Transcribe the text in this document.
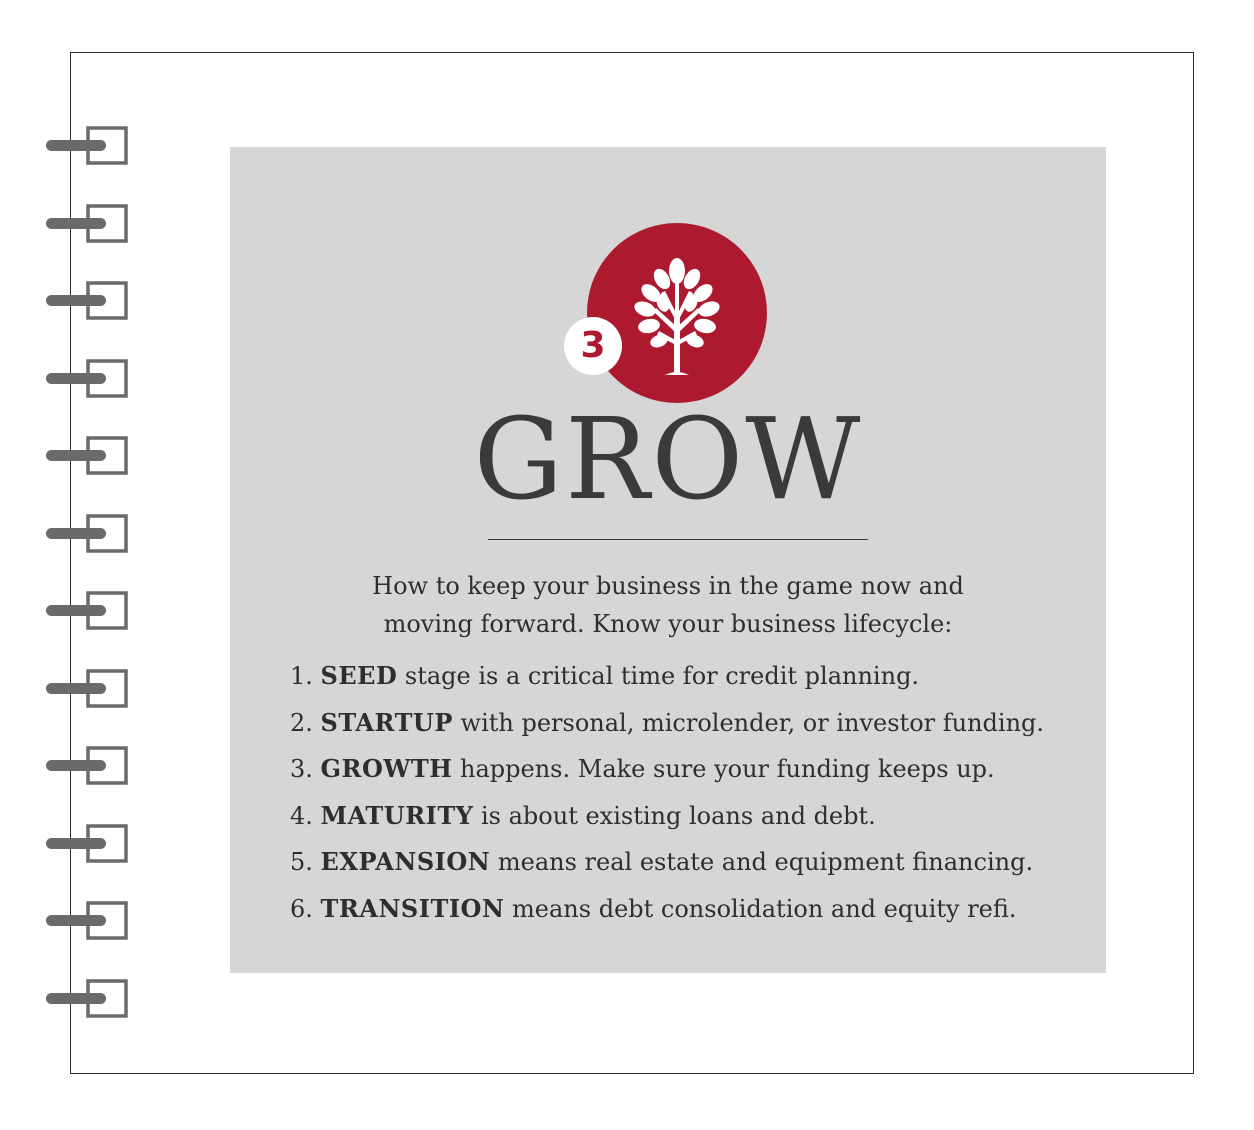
3
GROW
How to keep your business in the game now and moving forward. Know your business lifecycle:
1. SEED stage is a critical time for credit planning.
2. STARTUP with personal, microlender, or investor funding.
3. GROWTH happens. Make sure your funding keeps up.
4. MATURITY is about existing loans and debt.
5. EXPANSION means real estate and equipment financing.
6. TRANSITION means debt consolidation and equity refi.
